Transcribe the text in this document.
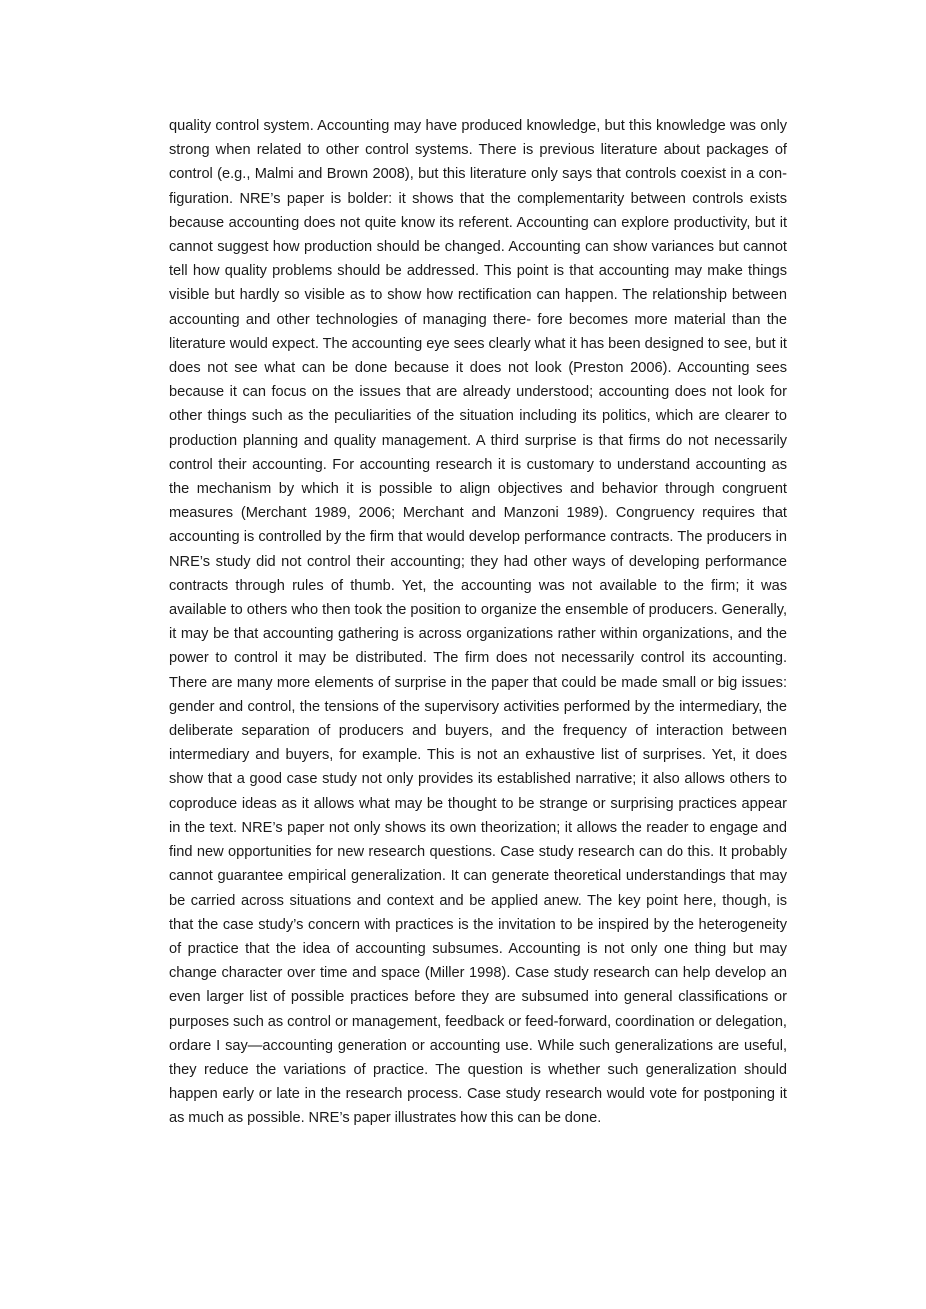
quality control system. Accounting may have produced knowledge, but this knowledge was only strong when related to other control systems. There is previous literature about packages of control (e.g., Malmi and Brown 2008), but this literature only says that controls coexist in a con- figuration. NRE’s paper is bolder: it shows that the complementarity between controls exists because accounting does not quite know its referent. Accounting can explore productivity, but it cannot suggest how production should be changed. Accounting can show variances but cannot tell how quality problems should be addressed. This point is that accounting may make things visible but hardly so visible as to show how rectification can happen. The relationship between accounting and other technologies of managing there- fore becomes more material than the literature would expect. The accounting eye sees clearly what it has been designed to see, but it does not see what can be done because it does not look (Preston 2006). Accounting sees because it can focus on the issues that are already understood; accounting does not look for other things such as the peculiarities of the situation including its politics, which are clearer to production planning and quality management. A third surprise is that firms do not necessarily control their accounting. For accounting research it is customary to understand accounting as the mechanism by which it is possible to align objectives and behavior through congruent measures (Merchant 1989, 2006; Merchant and Manzoni 1989). Congruency requires that accounting is controlled by the firm that would develop performance contracts. The producers in NRE’s study did not control their accounting; they had other ways of developing performance contracts through rules of thumb. Yet, the accounting was not available to the firm; it was available to others who then took the position to organize the ensemble of producers. Generally, it may be that accounting gathering is across organizations rather within organizations, and the power to control it may be distributed. The firm does not necessarily control its accounting. There are many more elements of surprise in the paper that could be made small or big issues: gender and control, the tensions of the supervisory activities performed by the intermediary, the deliberate separation of producers and buyers, and the frequency of interaction between intermediary and buyers, for example. This is not an exhaustive list of surprises. Yet, it does show that a good case study not only provides its established narrative; it also allows others to coproduce ideas as it allows what may be thought to be strange or surprising practices appear in the text. NRE’s paper not only shows its own theorization; it allows the reader to engage and find new opportunities for new research questions. Case study research can do this. It probably cannot guarantee empirical generalization. It can generate theoretical understandings that may be carried across situations and context and be applied anew. The key point here, though, is that the case study’s concern with practices is the invitation to be inspired by the heterogeneity of practice that the idea of accounting subsumes. Accounting is not only one thing but may change character over time and space (Miller 1998). Case study research can help develop an even larger list of possible practices before they are subsumed into general classifications or purposes such as control or management, feedback or feed-forward, coordination or delegation, ordare I say—accounting generation or accounting use. While such generalizations are useful, they reduce the variations of practice. The question is whether such generalization should happen early or late in the research process. Case study research would vote for postponing it as much as possible. NRE’s paper illustrates how this can be done.
